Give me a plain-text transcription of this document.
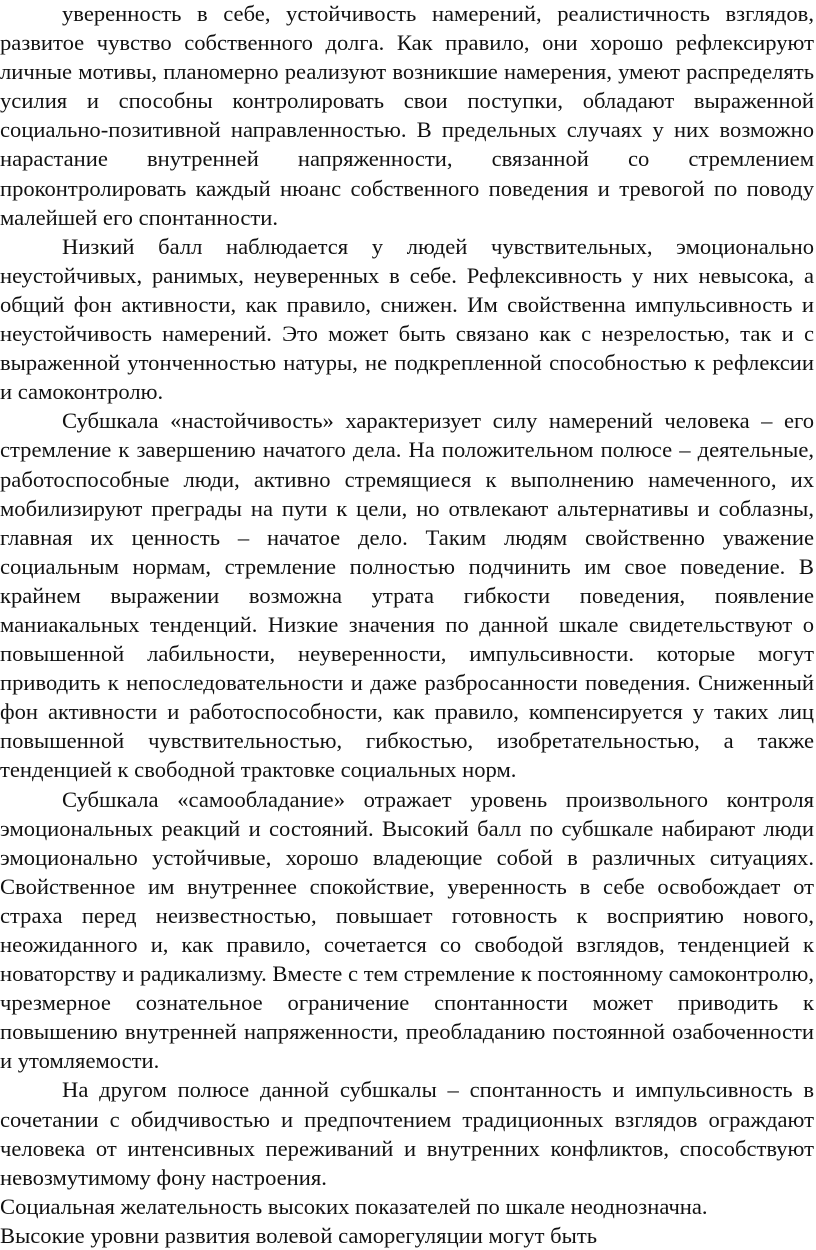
уверенность в себе, устойчивость намерений, реалистичность взглядов, развитое чувство собственного долга. Как правило, они хорошо рефлексируют личные мотивы, планомерно реализуют возникшие намерения, умеют распределять усилия и способны контролировать свои поступки, обладают выраженной социально-позитивной направленностью. В предельных случаях у них возможно нарастание внутренней напряженности, связанной со стремлением проконтролировать каждый нюанс собственного поведения и тревогой по поводу малейшей его спонтанности.

Низкий балл наблюдается у людей чувствительных, эмоционально неустойчивых, ранимых, неуверенных в себе. Рефлексивность у них невысока, а общий фон активности, как правило, снижен. Им свойственна импульсивность и неустойчивость намерений. Это может быть связано как с незрелостью, так и с выраженной утонченностью натуры, не подкрепленной способностью к рефлексии и самоконтролю.

Субшкала «настойчивость» характеризует силу намерений человека – его стремление к завершению начатого дела. На положительном полюсе – деятельные, работоспособные люди, активно стремящиеся к выполнению намеченного, их мобилизируют преграды на пути к цели, но отвлекают альтернативы и соблазны, главная их ценность – начатое дело. Таким людям свойственно уважение социальным нормам, стремление полностью подчинить им свое поведение. В крайнем выражении возможна утрата гибкости поведения, появление маниакальных тенденций. Низкие значения по данной шкале свидетельствуют о повышенной лабильности, неуверенности, импульсивности. которые могут приводить к непоследовательности и даже разбросанности поведения. Сниженный фон активности и работоспособности, как правило, компенсируется у таких лиц повышенной чувствительностью, гибкостью, изобретательностью, а также тенденцией к свободной трактовке социальных норм.

Субшкала «самообладание» отражает уровень произвольного контроля эмоциональных реакций и состояний. Высокий балл по субшкале набирают люди эмоционально устойчивые, хорошо владеющие собой в различных ситуациях. Свойственное им внутреннее спокойствие, уверенность в себе освобождает от страха перед неизвестностью, повышает готовность к восприятию нового, неожиданного и, как правило, сочетается со свободой взглядов, тенденцией к новаторству и радикализму. Вместе с тем стремление к постоянному самоконтролю, чрезмерное сознательное ограничение спонтанности может приводить к повышению внутренней напряженности, преобладанию постоянной озабоченности и утомляемости.

На другом полюсе данной субшкалы – спонтанность и импульсивность в сочетании с обидчивостью и предпочтением традиционных взглядов ограждают человека от интенсивных переживаний и внутренних конфликтов, способствуют невозмутимому фону настроения.

Социальная желательность высоких показателей по шкале неоднозначна.

Высокие уровни развития волевой саморегуляции могут быть
